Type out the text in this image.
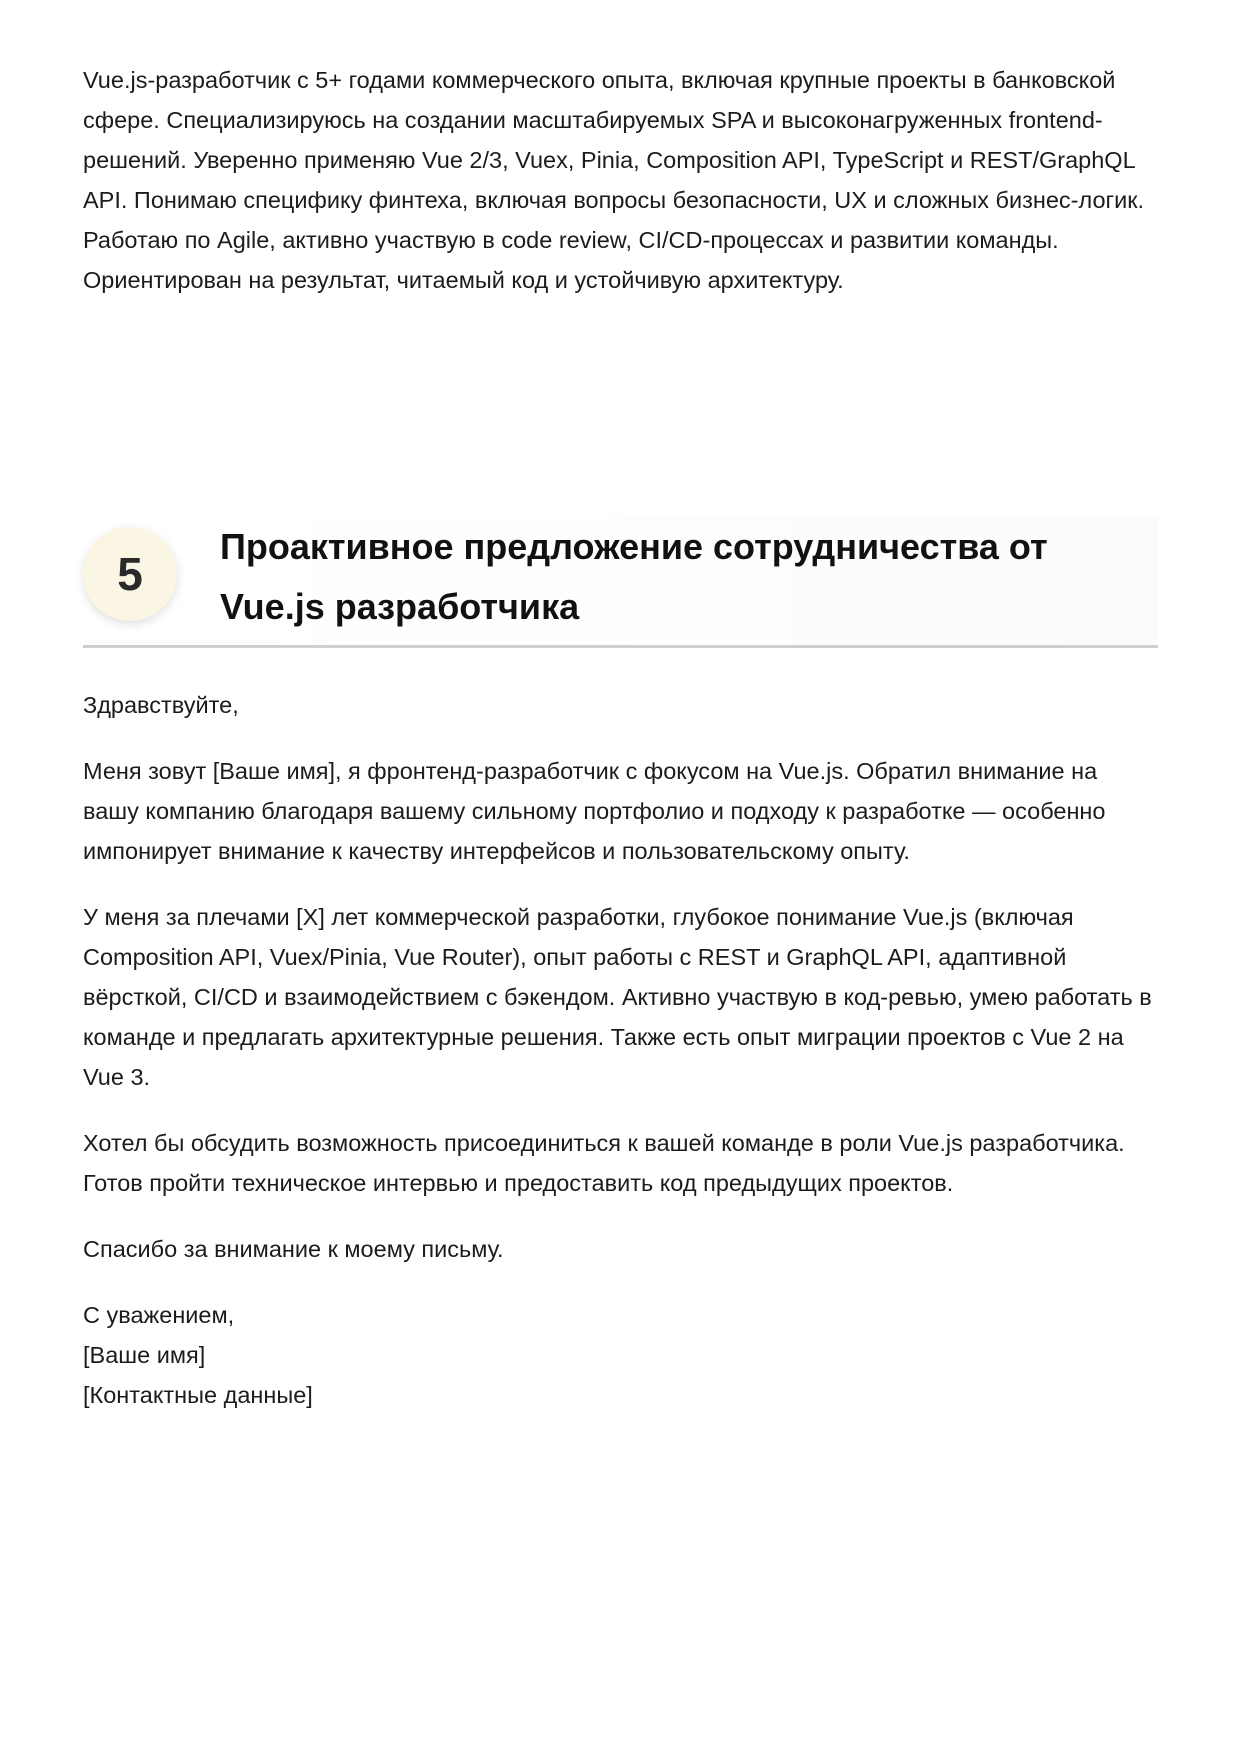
Vue.js-разработчик с 5+ годами коммерческого опыта, включая крупные проекты в банковской сфере. Специализируюсь на создании масштабируемых SPA и высоконагруженных frontend-решений. Уверенно применяю Vue 2/3, Vuex, Pinia, Composition API, TypeScript и REST/GraphQL API. Понимаю специфику финтеха, включая вопросы безопасности, UX и сложных бизнес-логик. Работаю по Agile, активно участвую в code review, CI/CD-процессах и развитии команды. Ориентирован на результат, читаемый код и устойчивую архитектуру.

5
Проактивное предложение сотрудничества от Vue.js разработчика

Здравствуйте,

Меня зовут [Ваше имя], я фронтенд-разработчик с фокусом на Vue.js. Обратил внимание на вашу компанию благодаря вашему сильному портфолио и подходу к разработке — особенно импонирует внимание к качеству интерфейсов и пользовательскому опыту.

У меня за плечами [X] лет коммерческой разработки, глубокое понимание Vue.js (включая Composition API, Vuex/Pinia, Vue Router), опыт работы с REST и GraphQL API, адаптивной вёрсткой, CI/CD и взаимодействием с бэкендом. Активно участвую в код-ревью, умею работать в команде и предлагать архитектурные решения. Также есть опыт миграции проектов с Vue 2 на Vue 3.

Хотел бы обсудить возможность присоединиться к вашей команде в роли Vue.js разработчика. Готов пройти техническое интервью и предоставить код предыдущих проектов.

Спасибо за внимание к моему письму.

С уважением,
[Ваше имя]
[Контактные данные]
